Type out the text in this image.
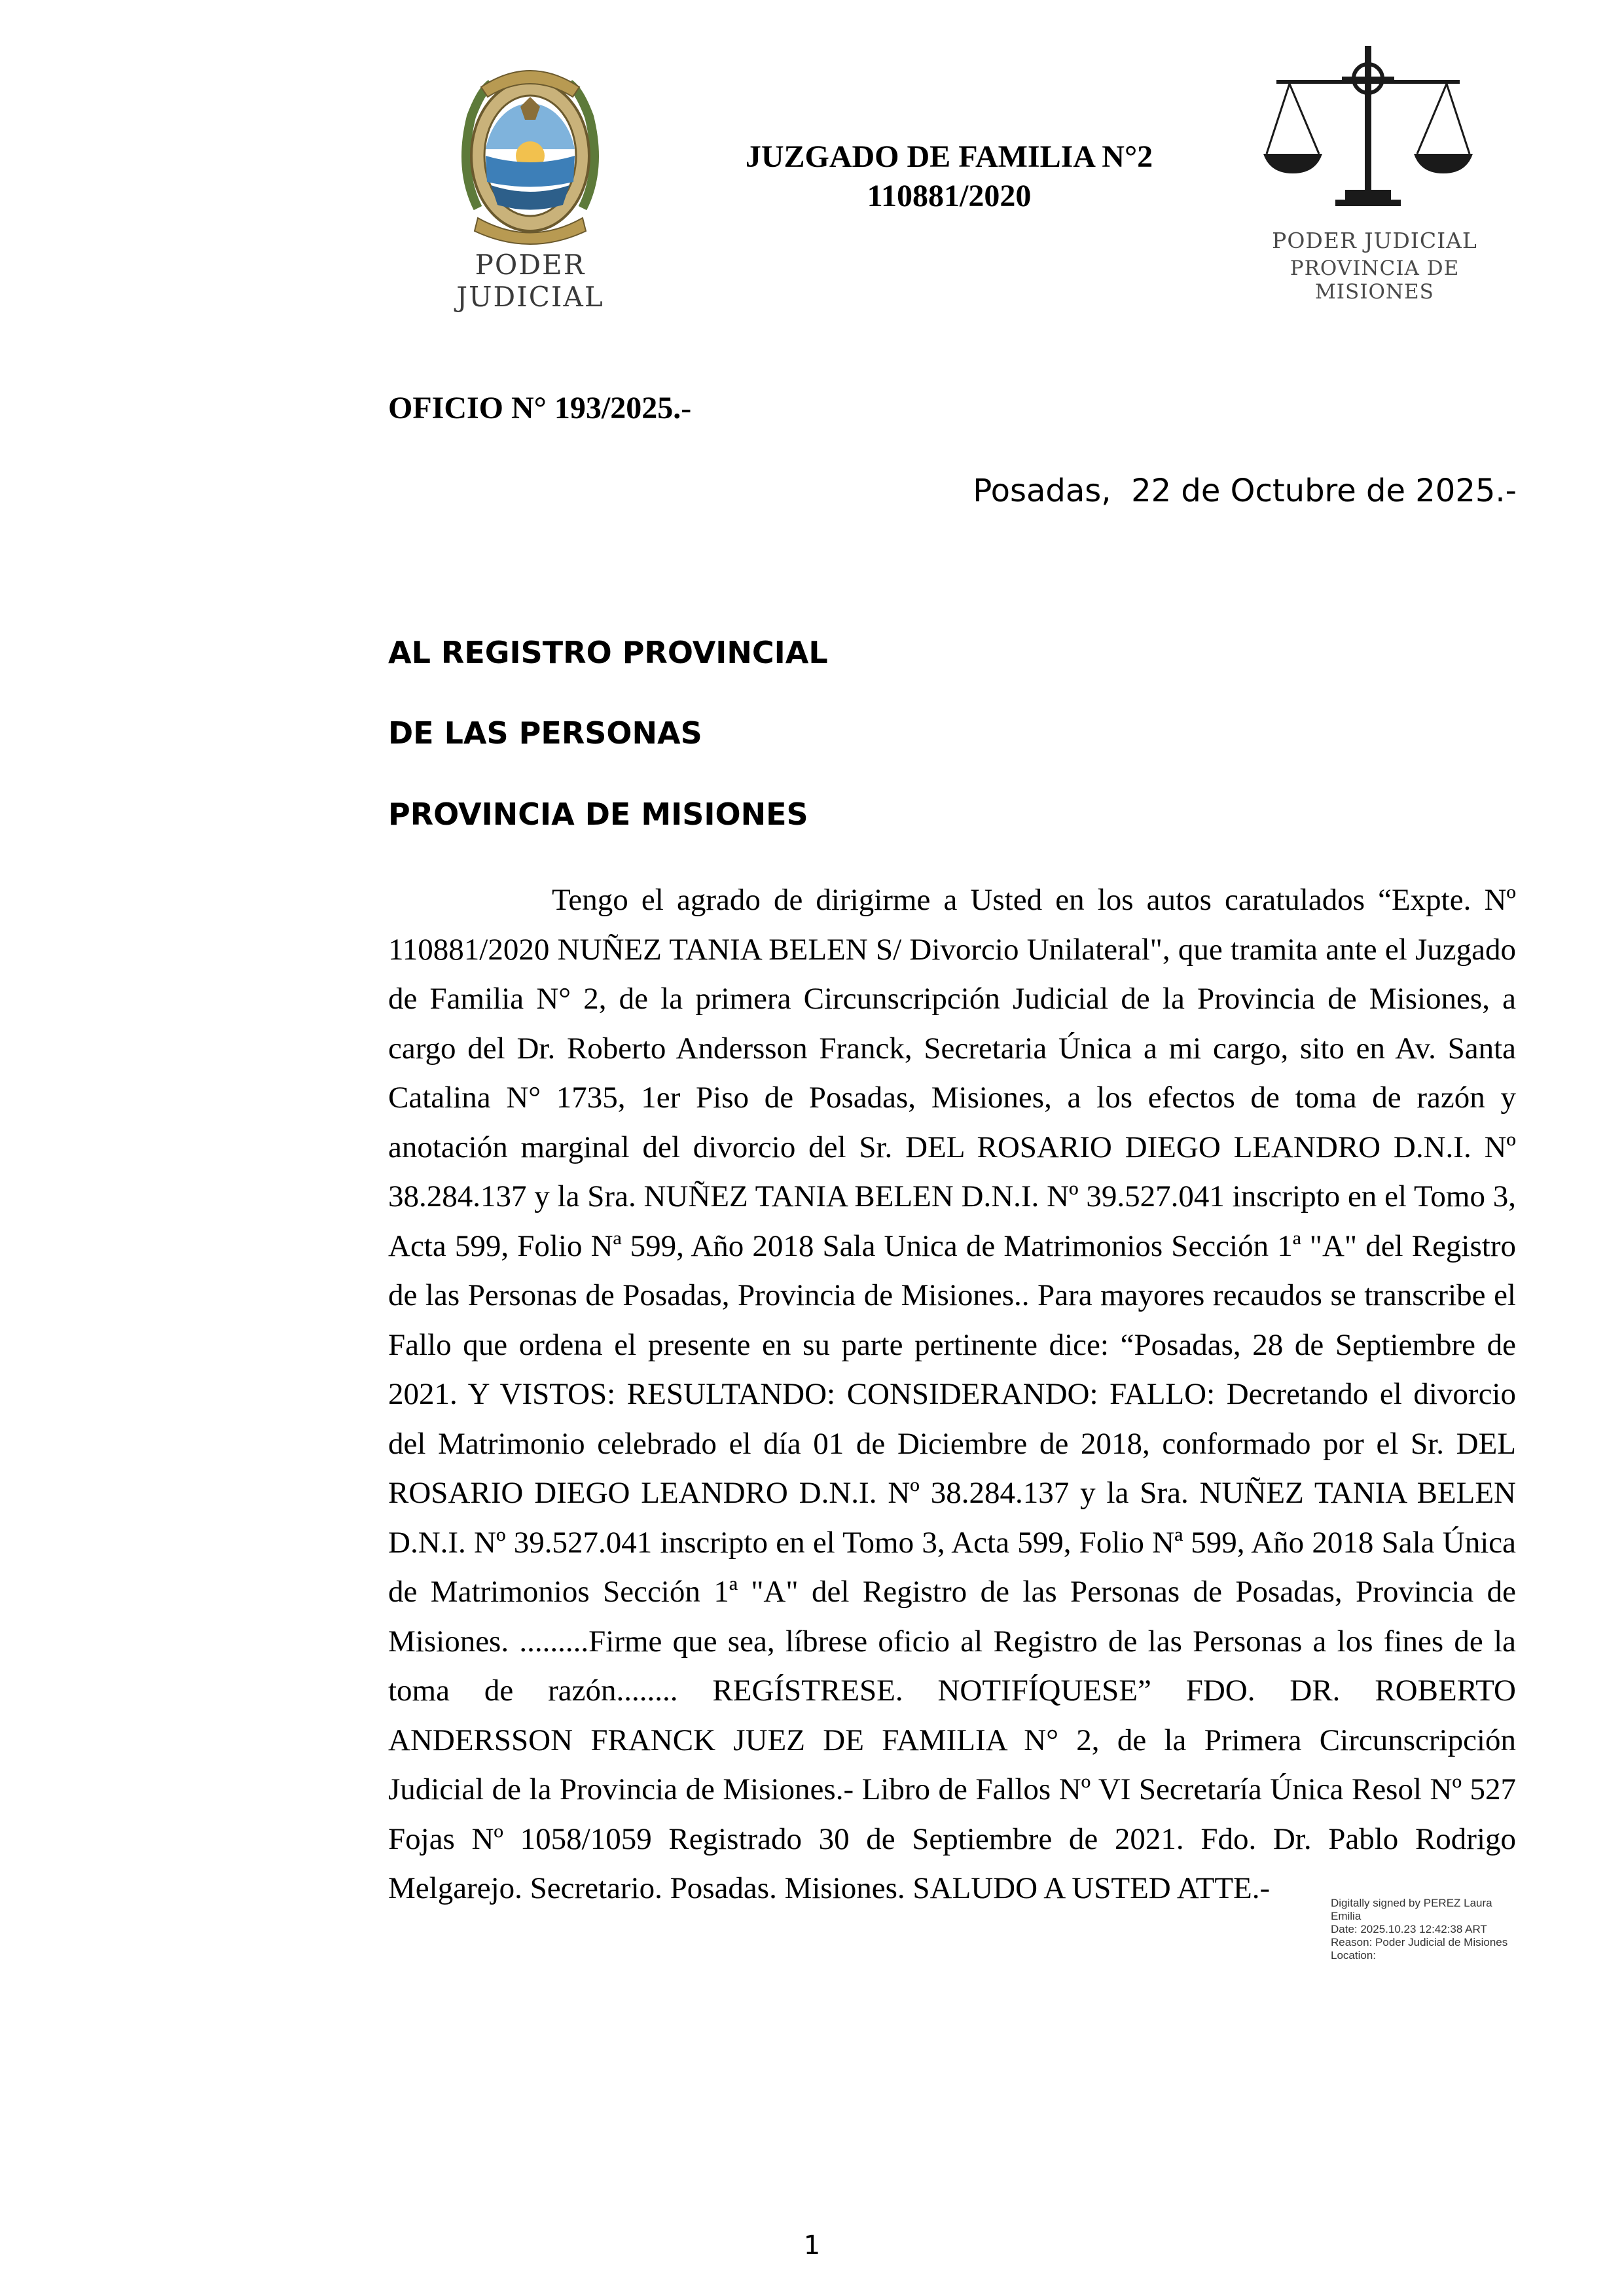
PODER JUDICIAL
JUZGADO DE FAMILIA N°2
110881/2020
PODER JUDICIAL
PROVINCIA DE MISIONES
OFICIO N° 193/2025.-
Posadas,  22 de Octubre de 2025.-
AL REGISTRO PROVINCIAL
DE LAS PERSONAS
PROVINCIA DE MISIONES

Tengo el agrado de dirigirme a Usted en los autos caratulados “Expte. Nº 110881/2020 NUÑEZ TANIA BELEN S/ Divorcio Unilateral", que tramita ante el Juzgado de Familia N° 2, de la primera Circunscripción Judicial de la Provincia de Misiones, a cargo del Dr. Roberto Andersson Franck, Secretaria Única a mi cargo, sito en Av. Santa Catalina N° 1735, 1er Piso de Posadas, Misiones, a los efectos de toma de razón y anotación marginal del divorcio del Sr. DEL ROSARIO DIEGO LEANDRO D.N.I. Nº 38.284.137 y la Sra. NUÑEZ TANIA BELEN D.N.I. Nº 39.527.041 inscripto en el Tomo 3, Acta 599, Folio Nª 599, Año 2018 Sala Unica de Matrimonios Sección 1ª "A" del Registro de las Personas de Posadas, Provincia de Misiones.. Para mayores recaudos se transcribe el Fallo que ordena el presente en su parte pertinente dice: “Posadas, 28 de Septiembre de 2021. Y VISTOS: RESULTANDO: CONSIDERANDO: FALLO: Decretando el divorcio del Matrimonio celebrado el día 01 de Diciembre de 2018, conformado por el Sr. DEL ROSARIO DIEGO LEANDRO D.N.I. Nº 38.284.137 y la Sra. NUÑEZ TANIA BELEN D.N.I. Nº 39.527.041 inscripto en el Tomo 3, Acta 599, Folio Nª 599, Año 2018 Sala Única de Matrimonios Sección 1ª "A" del Registro de las Personas de Posadas, Provincia de Misiones. .........Firme que sea, líbrese oficio al Registro de las Personas a los fines de la toma de razón........ REGÍSTRESE. NOTIFÍQUESE” FDO. DR. ROBERTO ANDERSSON FRANCK JUEZ DE FAMILIA N° 2, de la Primera Circunscripción Judicial de la Provincia de Misiones.- Libro de Fallos Nº VI Secretaría Única Resol Nº 527 Fojas Nº 1058/1059 Registrado 30 de Septiembre de 2021. Fdo. Dr. Pablo Rodrigo Melgarejo. Secretario. Posadas. Misiones. SALUDO A USTED ATTE.-	Digitally signed by PEREZ Laura
Emilia
Date: 2025.10.23 12:42:38 ART
Reason: Poder Judicial de Misiones
Location:
1
